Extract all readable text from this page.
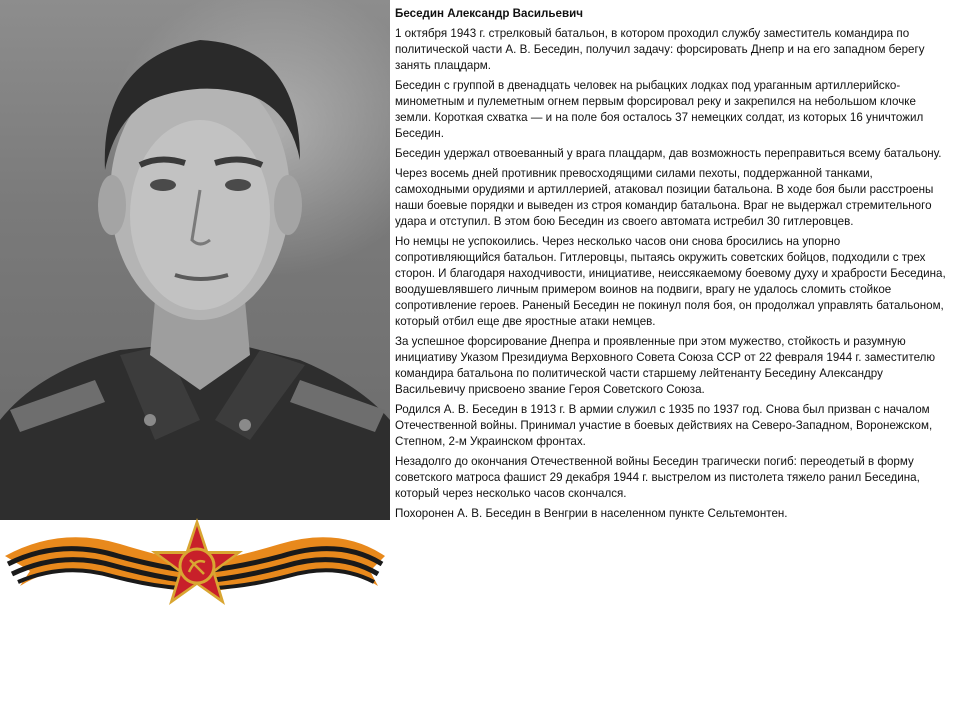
Беседин Александр Васильевич

1 октября 1943 г. стрелковый батальон, в котором проходил службу заместитель командира по политической части А. В. Беседин, получил задачу: форсировать Днепр и на его западном берегу занять плацдарм.

Беседин с группой в двенадцать человек на рыбацких лодках под ураганным артиллерийско-минометным и пулеметным огнем первым форсировал реку и закрепился на небольшом клочке земли. Короткая схватка — и на поле боя осталось 37 немецких солдат, из которых 16 уничтожил Беседин.

Беседин удержал отвоеванный у врага плацдарм, дав возможность переправиться всему батальону.

Через восемь дней противник превосходящими силами пехоты, поддержанной танками, самоходными орудиями и артиллерией, атаковал позиции батальона. В ходе боя были расстроены наши боевые порядки и выведен из строя командир батальона. Враг не выдержал стремительного удара и отступил. В этом бою Беседин из своего автомата истребил 30 гитлеровцев.

Но немцы не успокоились. Через несколько часов они снова бросились на упорно сопротивляющийся батальон. Гитлеровцы, пытаясь окружить советских бойцов, подходили с трех сторон. И благодаря находчивости, инициативе, неиссякаемому боевому духу и храбрости Беседина, воодушевлявшего личным примером воинов на подвиги, врагу не удалось сломить стойкое сопротивление героев. Раненый Беседин не покинул поля боя, он продолжал управлять батальоном, который отбил еще две яростные атаки немцев.

За успешное форсирование Днепра и проявленные при этом мужество, стойкость и разумную инициативу Указом Президиума Верховного Совета Союза ССР от 22 февраля 1944 г. заместителю командира батальона по политической части старшему лейтенанту Беседину Александру Васильевичу присвоено звание Героя Советского Союза.

Родился А. В. Беседин в 1913 г. В армии служил с 1935 по 1937 год. Снова был призван с началом Отечественной войны. Принимал участие в боевых действиях на Северо-Западном, Воронежском, Степном, 2-м Украинском фронтах.

Незадолго до окончания Отечественной войны Беседин трагически погиб: переодетый в форму советского матроса фашист 29 декабря 1944 г. выстрелом из пистолета тяжело ранил Беседина, который через несколько часов скончался.

Похоронен А. В. Беседин в Венгрии в населенном пункте Сельтемонтен.
